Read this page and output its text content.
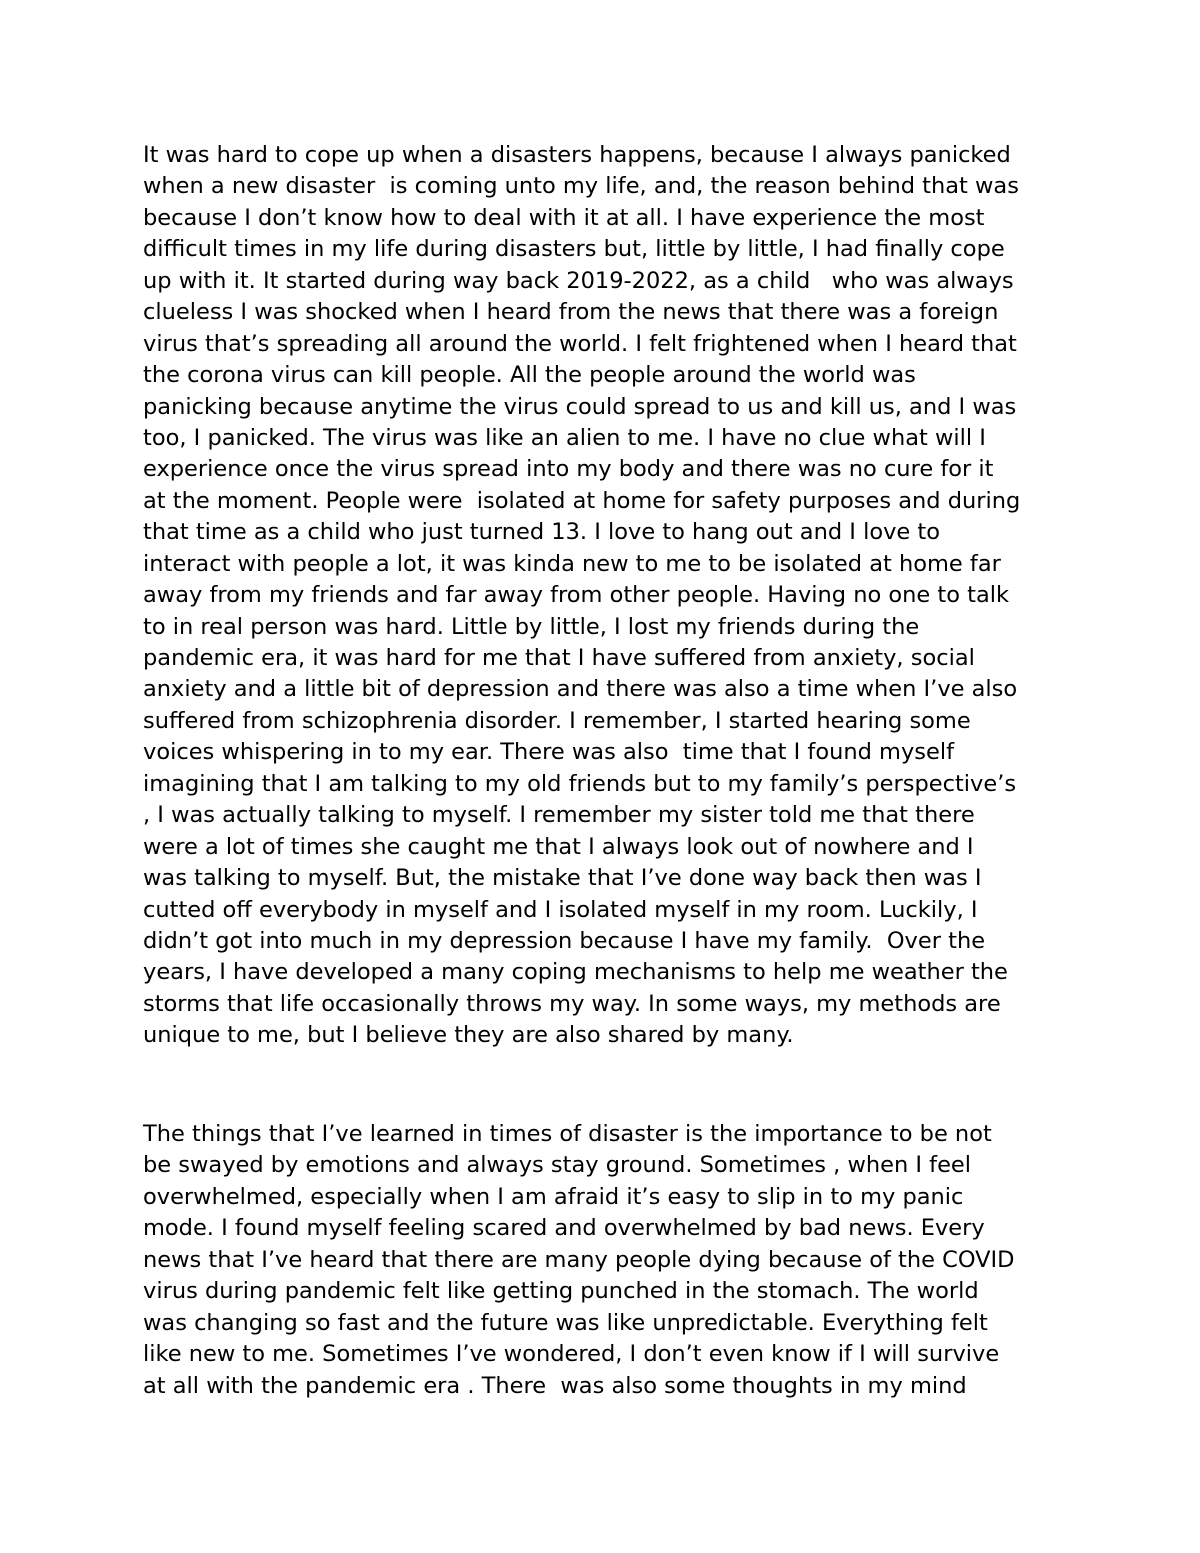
It was hard to cope up when a disasters happens, because I always panicked
when a new disaster  is coming unto my life, and, the reason behind that was
because I don’t know how to deal with it at all. I have experience the most
difficult times in my life during disasters but, little by little, I had finally cope
up with it. It started during way back 2019-2022, as a child   who was always
clueless I was shocked when I heard from the news that there was a foreign
virus that’s spreading all around the world. I felt frightened when I heard that
the corona virus can kill people. All the people around the world was
panicking because anytime the virus could spread to us and kill us, and I was
too, I panicked. The virus was like an alien to me. I have no clue what will I
experience once the virus spread into my body and there was no cure for it
at the moment. People were  isolated at home for safety purposes and during
that time as a child who just turned 13. I love to hang out and I love to
interact with people a lot, it was kinda new to me to be isolated at home far
away from my friends and far away from other people. Having no one to talk
to in real person was hard. Little by little, I lost my friends during the
pandemic era, it was hard for me that I have suffered from anxiety, social
anxiety and a little bit of depression and there was also a time when I’ve also
suffered from schizophrenia disorder. I remember, I started hearing some
voices whispering in to my ear. There was also  time that I found myself
imagining that I am talking to my old friends but to my family’s perspective’s
, I was actually talking to myself. I remember my sister told me that there
were a lot of times she caught me that I always look out of nowhere and I
was talking to myself. But, the mistake that I’ve done way back then was I
cutted off everybody in myself and I isolated myself in my room. Luckily, I
didn’t got into much in my depression because I have my family.  Over the
years, I have developed a many coping mechanisms to help me weather the
storms that life occasionally throws my way. In some ways, my methods are
unique to me, but I believe they are also shared by many.
The things that I’ve learned in times of disaster is the importance to be not
be swayed by emotions and always stay ground. Sometimes , when I feel
overwhelmed, especially when I am afraid it’s easy to slip in to my panic
mode. I found myself feeling scared and overwhelmed by bad news. Every
news that I’ve heard that there are many people dying because of the COVID
virus during pandemic felt like getting punched in the stomach. The world
was changing so fast and the future was like unpredictable. Everything felt
like new to me. Sometimes I’ve wondered, I don’t even know if I will survive
at all with the pandemic era . There  was also some thoughts in my mind
